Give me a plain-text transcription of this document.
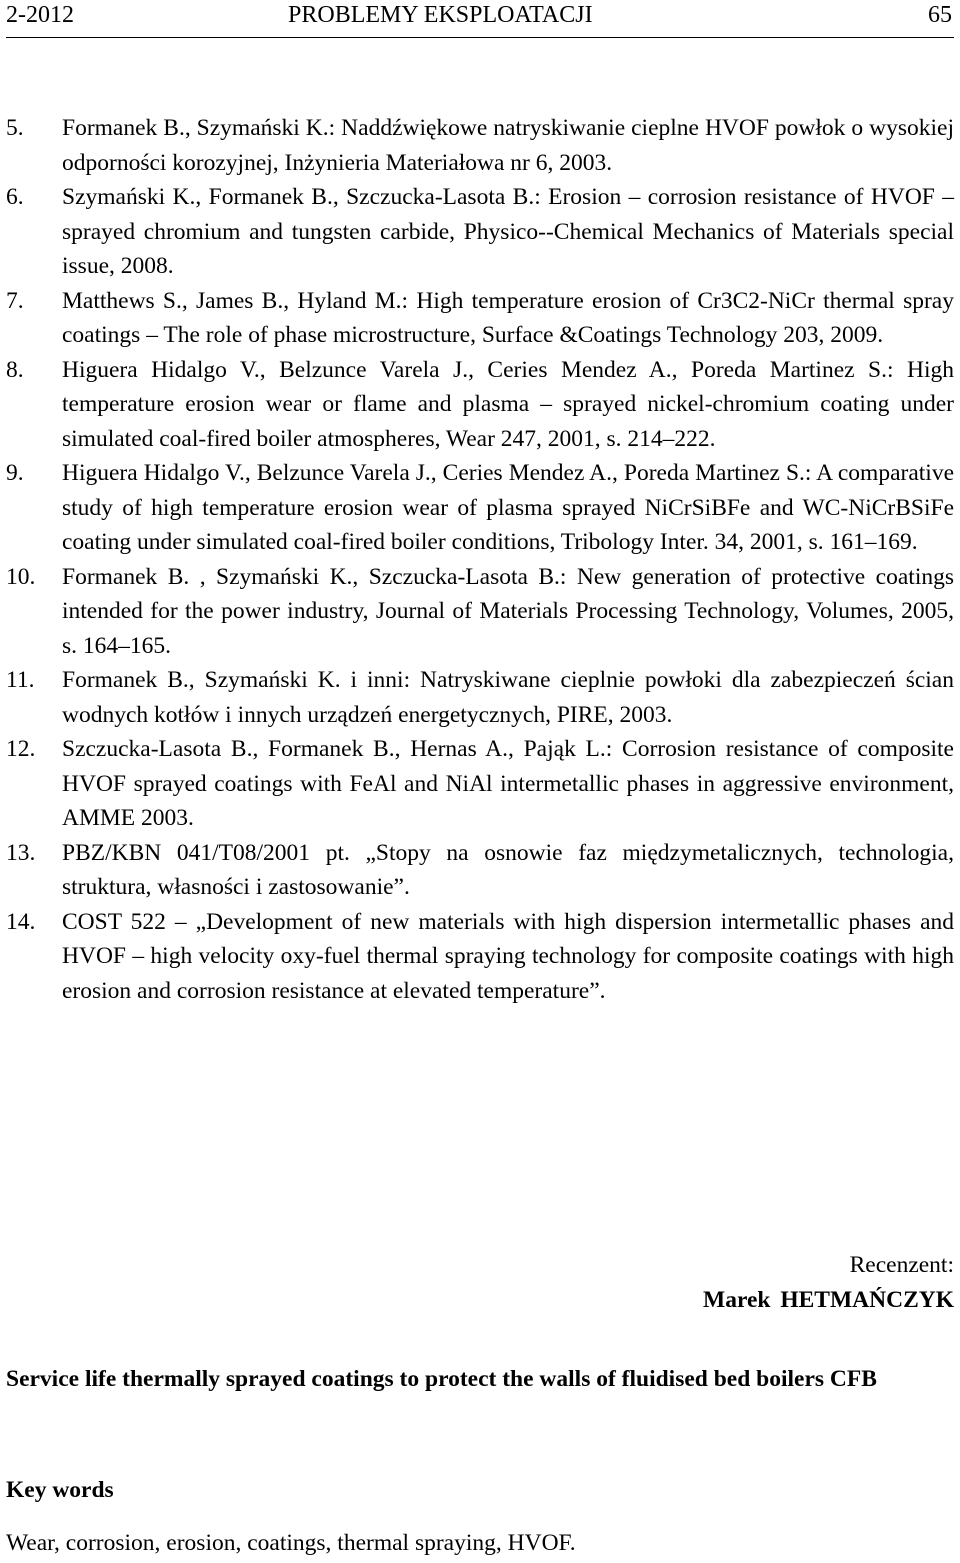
2-2012	PROBLEMY EKSPLOATACJI	65
5. Formanek B., Szymański K.: Naddźwiękowe natryskiwanie cieplne HVOF powłok o wysokiej odporności korozyjnej, Inżynieria Materiałowa nr 6, 2003.
6. Szymański K., Formanek B., Szczucka-Lasota B.: Erosion – corrosion resistance of HVOF – sprayed chromium and tungsten carbide, Physico--Chemical Mechanics of Materials special issue, 2008.
7. Matthews S., James B., Hyland M.: High temperature erosion of Cr3C2-NiCr thermal spray coatings – The role of phase microstructure, Surface &Coatings Technology 203, 2009.
8. Higuera Hidalgo V., Belzunce Varela J., Ceries Mendez A., Poreda Martinez S.: High temperature erosion wear or flame and plasma – sprayed nickel-chromium coating under simulated coal-fired boiler atmospheres, Wear 247, 2001, s. 214–222.
9. Higuera Hidalgo V., Belzunce Varela J., Ceries Mendez A., Poreda Martinez S.: A comparative study of high temperature erosion wear of plasma sprayed NiCrSiBFe and WC-NiCrBSiFe coating under simulated coal-fired boiler conditions, Tribology Inter. 34, 2001, s. 161–169.
10. Formanek B. , Szymański K., Szczucka-Lasota B.: New generation of protective coatings intended for the power industry, Journal of Materials Processing Technology, Volumes, 2005, s. 164–165.
11. Formanek B., Szymański K. i inni: Natryskiwane cieplnie powłoki dla zabezpieczeń ścian wodnych kotłów i innych urządzeń energetycznych, PIRE, 2003.
12. Szczucka-Lasota B., Formanek B., Hernas A., Pająk L.: Corrosion resistance of composite HVOF sprayed coatings with FeAl and NiAl intermetallic phases in aggressive environment, AMME 2003.
13. PBZ/KBN 041/T08/2001 pt. „Stopy na osnowie faz międzymetalicznych, technologia, struktura, własności i zastosowanie”.
14. COST 522 – „Development of new materials with high dispersion intermetallic phases and HVOF – high velocity oxy-fuel thermal spraying technology for composite coatings with high erosion and corrosion resistance at elevated temperature”.
Recenzent:
Marek HETMAŃCZYK
Service life thermally sprayed coatings to protect the walls of fluidised bed boilers CFB
Key words

Wear, corrosion, erosion, coatings, thermal spraying, HVOF.
